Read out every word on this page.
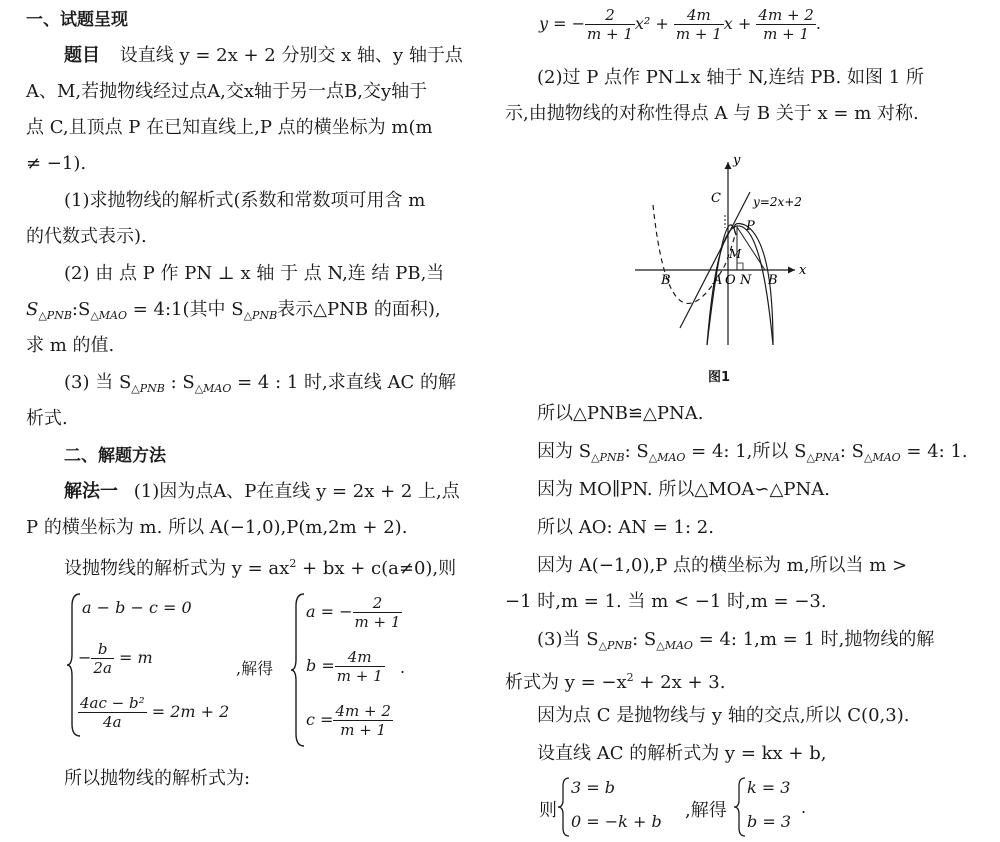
一、试题呈现
题目 设直线 y = 2x + 2 分别交 x 轴、y 轴于点
A、M,若抛物线经过点A,交x轴于另一点B,交y轴于
点 C,且顶点 P 在已知直线上,P 点的横坐标为 m(m
≠ −1).
(1)求抛物线的解析式(系数和常数项可用含 m
的代数式表示).
(2) 由 点 P 作 PN ⊥ x 轴 于 点 N,连 结 PB,当
$S_{\triangle PNB}:S_{\triangle MAO}$ = 4:1(其中 $S_{\triangle PNB}$表示△PNB 的面积),
求 m 的值.
(3) 当 $S_{\triangle PNB}$ : $S_{\triangle MAO} = 4$ : 1 时,求直线 AC 的解
析式.
二、解题方法
解法一 (1)因为点A、P在直线 y = 2x + 2 上,点
P 的横坐标为 m. 所以 A(−1,0),P(m,2m + 2).
设抛物线的解析式为 $y = ax^2$ + bx + c(a≠0),则
a − b − c = 0
− $\frac{b}{2a} = m$
$\frac{\text{4ac − b²}}{4a} = 2m + 2$
,解得
a = − $\frac{2}{m + 1}$
$b = \frac{4m}{m + 1}$
$c = \frac{4m + 2}{m + 1}$
.
所以抛物线的解析式为:
y = − $\frac{2}{m + 1} x^2 + \frac{4m}{m + 1}$ $x + \frac{4m + 2}{m + 1}$ .
(2)过 P 点作 PN⊥x 轴于 N,连结 PB. 如图 1 所
示,由抛物线的对称性得点 A 与 B 关于 x = m 对称.
y
x
C	y=2x+2
P
M
B	A O N B
图1
所以△PNB≌△PNA.
因为 $S_{\triangle PNB}$: $S_{\triangle MAO} = 4$: 1,所以 $S_{\triangle PNA}$: $S_{\triangle MAO} = 4$: 1.
因为 MO∥PN. 所以△MOA∽△PNA.
所以 AO: AN = 1: 2.
因为 A(−1,0),P 点的横坐标为 m,所以当 m >
−1 时,m = 1. 当 m < −1 时,m = −3.
(3)当 $S_{\triangle PNB}$: $S_{\triangle MAO} = 4$: 1,m = 1 时,抛物线的解
析式为 $y = -x^2 + 2x + 3$.
因为点 C 是抛物线与 y 轴的交点,所以 C(0,3).
设直线 AC 的解析式为 y = kx + b,
则
3 = b
0 = −k + b
,解得
k = 3
b = 3
.
